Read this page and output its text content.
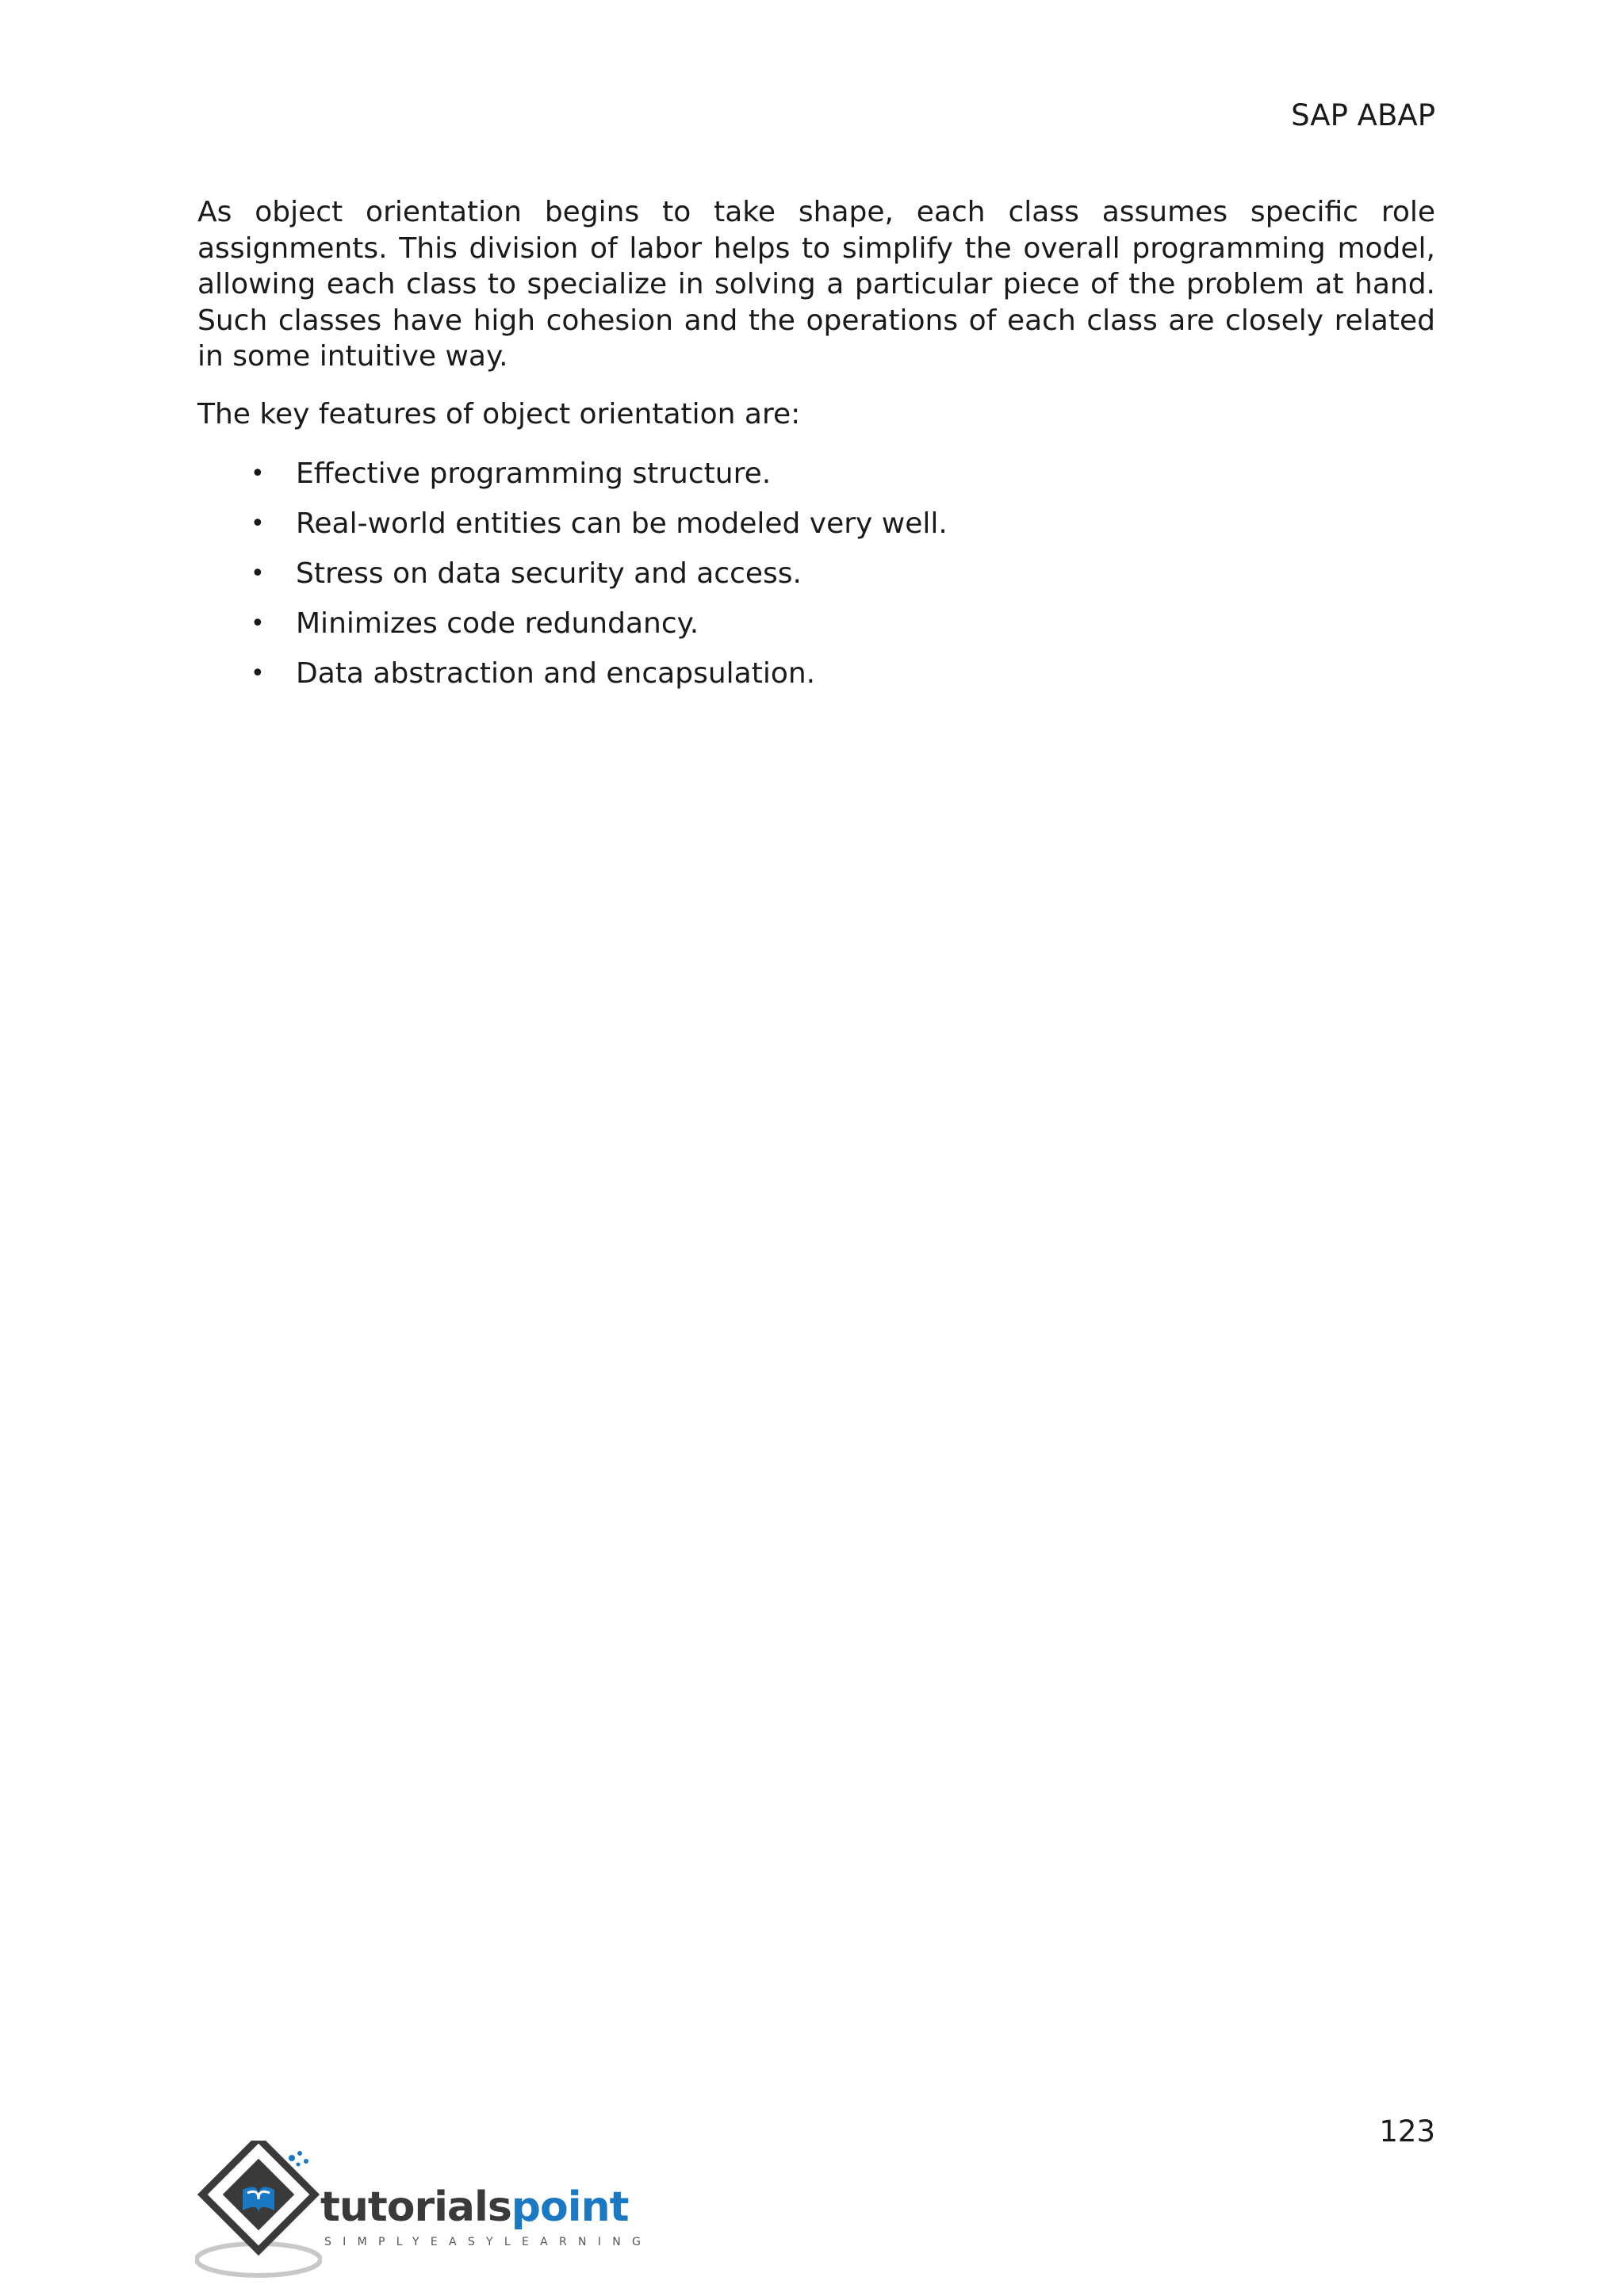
SAP ABAP

As object orientation begins to take shape, each class assumes specific role assignments. This division of labor helps to simplify the overall programming model, allowing each class to specialize in solving a particular piece of the problem at hand. Such classes have high cohesion and the operations of each class are closely related in some intuitive way.

The key features of object orientation are:

• Effective programming structure.
• Real-world entities can be modeled very well.
• Stress on data security and access.
• Minimizes code redundancy.
• Data abstraction and encapsulation.
123
tutorialspoint
SIMPLYEASYLEARNING
